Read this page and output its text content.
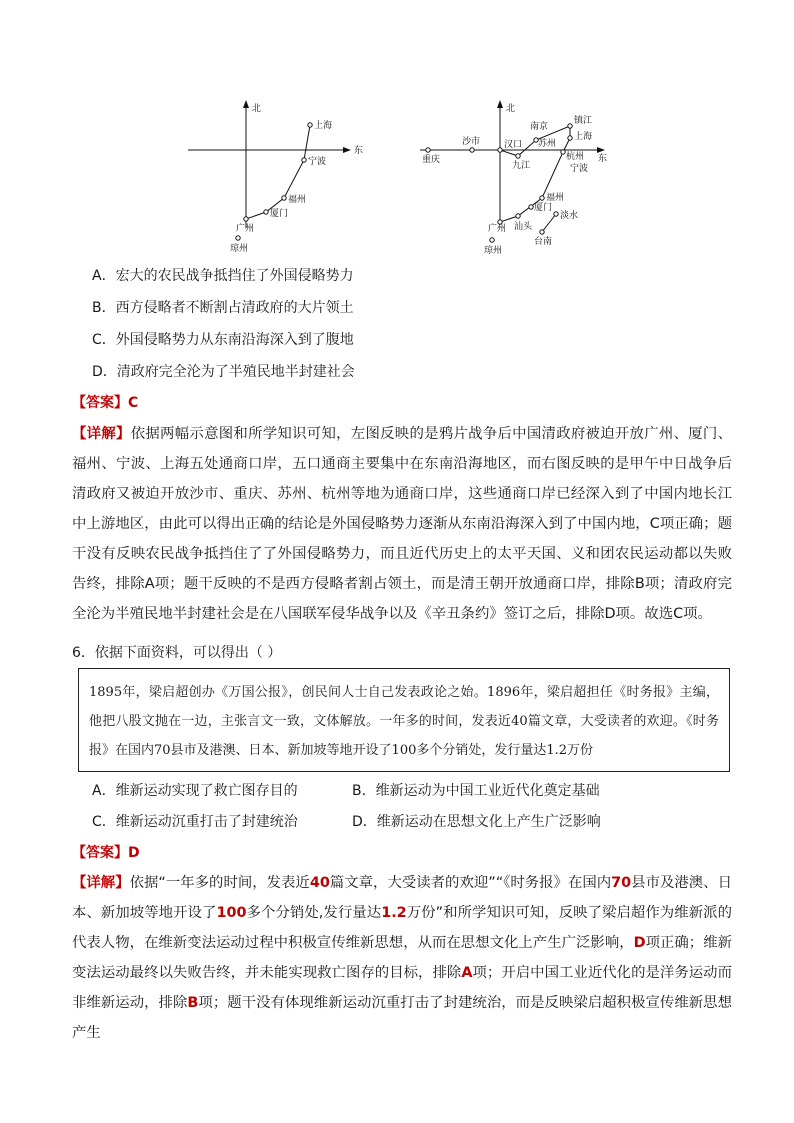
北
东
上海
宁波
福州
厦门
广州
琼州
北
东
重庆
沙市	汉口
九江
南京
镇江
苏州
上海
杭州
宁波
福州
厦门
汕头
淡水
台南
广州
琼州
A．宏大的农民战争抵挡住了外国侵略势力
B．西方侵略者不断割占清政府的大片领土
C．外国侵略势力从东南沿海深入到了腹地
D．清政府完全沦为了半殖民地半封建社会
【答案】C
【详解】依据两幅示意图和所学知识可知，左图反映的是鸦片战争后中国清政府被迫开放广州、厦门、福州、宁波、上海五处通商口岸，五口通商主要集中在东南沿海地区，而右图反映的是甲午中日战争后清政府又被迫开放沙市、重庆、苏州、杭州等地为通商口岸，这些通商口岸已经深入到了中国内地长江中上游地区，由此可以得出正确的结论是外国侵略势力逐渐从东南沿海深入到了中国内地，C项正确；题干没有反映农民战争抵挡住了了外国侵略势力，而且近代历史上的太平天国、义和团农民运动都以失败告终，排除A项；题干反映的不是西方侵略者割占领土，而是清王朝开放通商口岸，排除B项；清政府完全沦为半殖民地半封建社会是在八国联军侵华战争以及《辛丑条约》签订之后，排除D项。故选C项。
6．依据下面资料，可以得出（ ）
1895年，梁启超创办《万国公报》，创民间人士自己发表政论之始。1896年，梁启超担任《时务报》主编，他把八股文抛在一边，主张言文一致，文体解放。一年多的时间，发表近40篇文章，大受读者的欢迎。《时务报》在国内70县市及港澳、日本、新加坡等地开设了100多个分销处，发行量达1.2万份
A．维新运动实现了救亡图存目的	B．维新运动为中国工业近代化奠定基础
C．维新运动沉重打击了封建统治	D．维新运动在思想文化上产生广泛影响
【答案】D
【详解】依据“一年多的时间，发表近40篇文章，大受读者的欢迎”“《时务报》在国内70县市及港澳、日本、新加坡等地开设了100多个分销处,发行量达1.2万份”和所学知识可知，反映了梁启超作为维新派的代表人物，在维新变法运动过程中积极宣传维新思想，从而在思想文化上产生广泛影响，D项正确；维新变法运动最终以失败告终，并未能实现救亡图存的目标，排除A项；开启中国工业近代化的是洋务运动而非维新运动，排除B项；题干没有体现维新运动沉重打击了封建统治，而是反映梁启超积极宣传维新思想产生
